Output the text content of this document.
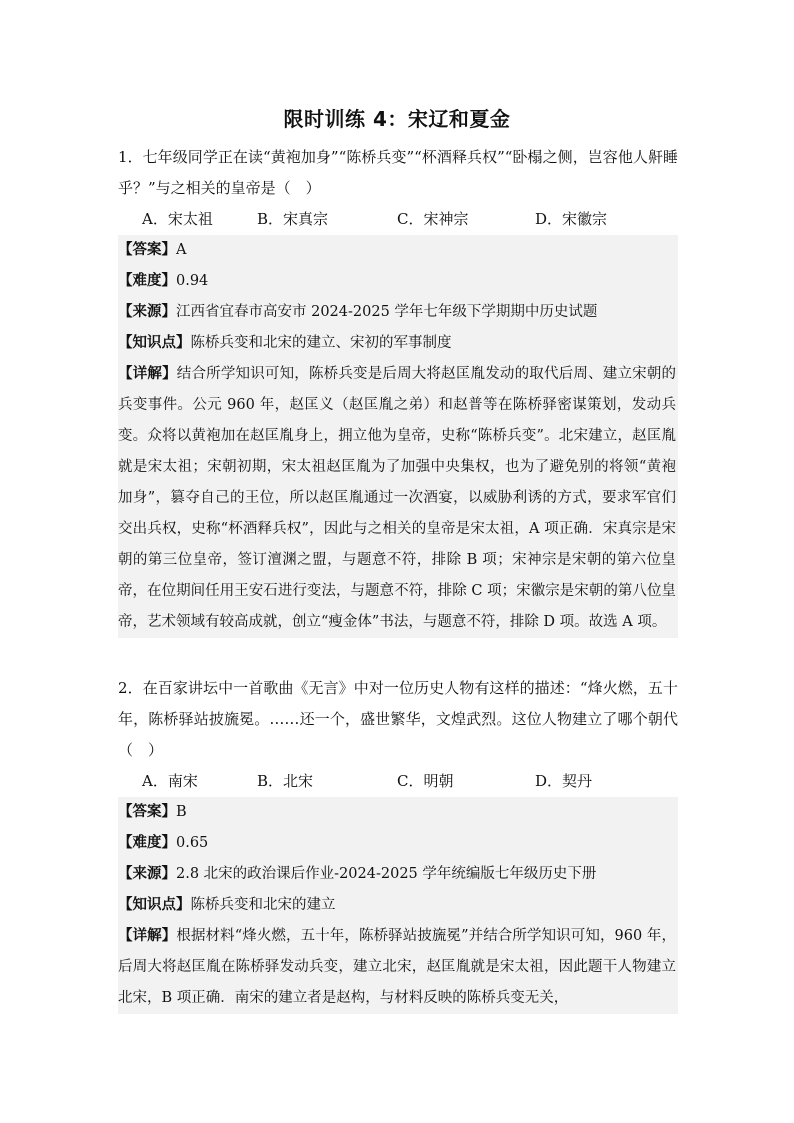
限时训练 4：宋辽和夏金

1．七年级同学正在读“黄袍加身”“陈桥兵变”“杯酒释兵权”“卧榻之侧，岂容他人鼾睡乎？”与之相关的皇帝是（　）

A．宋太祖	B．宋真宗	C．宋神宗	D．宋徽宗

【答案】A

【难度】0.94

【来源】江西省宜春市高安市 2024-2025 学年七年级下学期期中历史试题

【知识点】陈桥兵变和北宋的建立、宋初的军事制度

【详解】结合所学知识可知，陈桥兵变是后周大将赵匡胤发动的取代后周、建立宋朝的兵变事件。公元 960 年，赵匡义（赵匡胤之弟）和赵普等在陈桥驿密谋策划，发动兵变。众将以黄袍加在赵匡胤身上，拥立他为皇帝，史称“陈桥兵变”。北宋建立，赵匡胤就是宋太祖；宋朝初期，宋太祖赵匡胤为了加强中央集权，也为了避免别的将领“黄袍加身”，篡夺自己的王位，所以赵匡胤通过一次酒宴，以威胁利诱的方式，要求军官们交出兵权，史称“杯酒释兵权”，因此与之相关的皇帝是宋太祖，A 项正确．宋真宗是宋朝的第三位皇帝，签订澶渊之盟，与题意不符，排除 B 项；宋神宗是宋朝的第六位皇帝，在位期间任用王安石进行变法，与题意不符，排除 C 项；宋徽宗是宋朝的第八位皇帝，艺术领域有较高成就，创立“瘦金体”书法，与题意不符，排除 D 项。故选 A 项。

2．在百家讲坛中一首歌曲《无言》中对一位历史人物有这样的描述：“烽火燃，五十年，陈桥驿站披旒冕。……还一个，盛世繁华，文煌武烈。这位人物建立了哪个朝代（　）

A．南宋	B．北宋	C．明朝	D．契丹

【答案】B

【难度】0.65

【来源】2.8 北宋的政治课后作业-2024-2025 学年统编版七年级历史下册

【知识点】陈桥兵变和北宋的建立

【详解】根据材料“烽火燃，五十年，陈桥驿站披旒冕”并结合所学知识可知，960 年，后周大将赵匡胤在陈桥驿发动兵变，建立北宋，赵匡胤就是宋太祖，因此题干人物建立北宋，B 项正确．南宋的建立者是赵构，与材料反映的陈桥兵变无关，
